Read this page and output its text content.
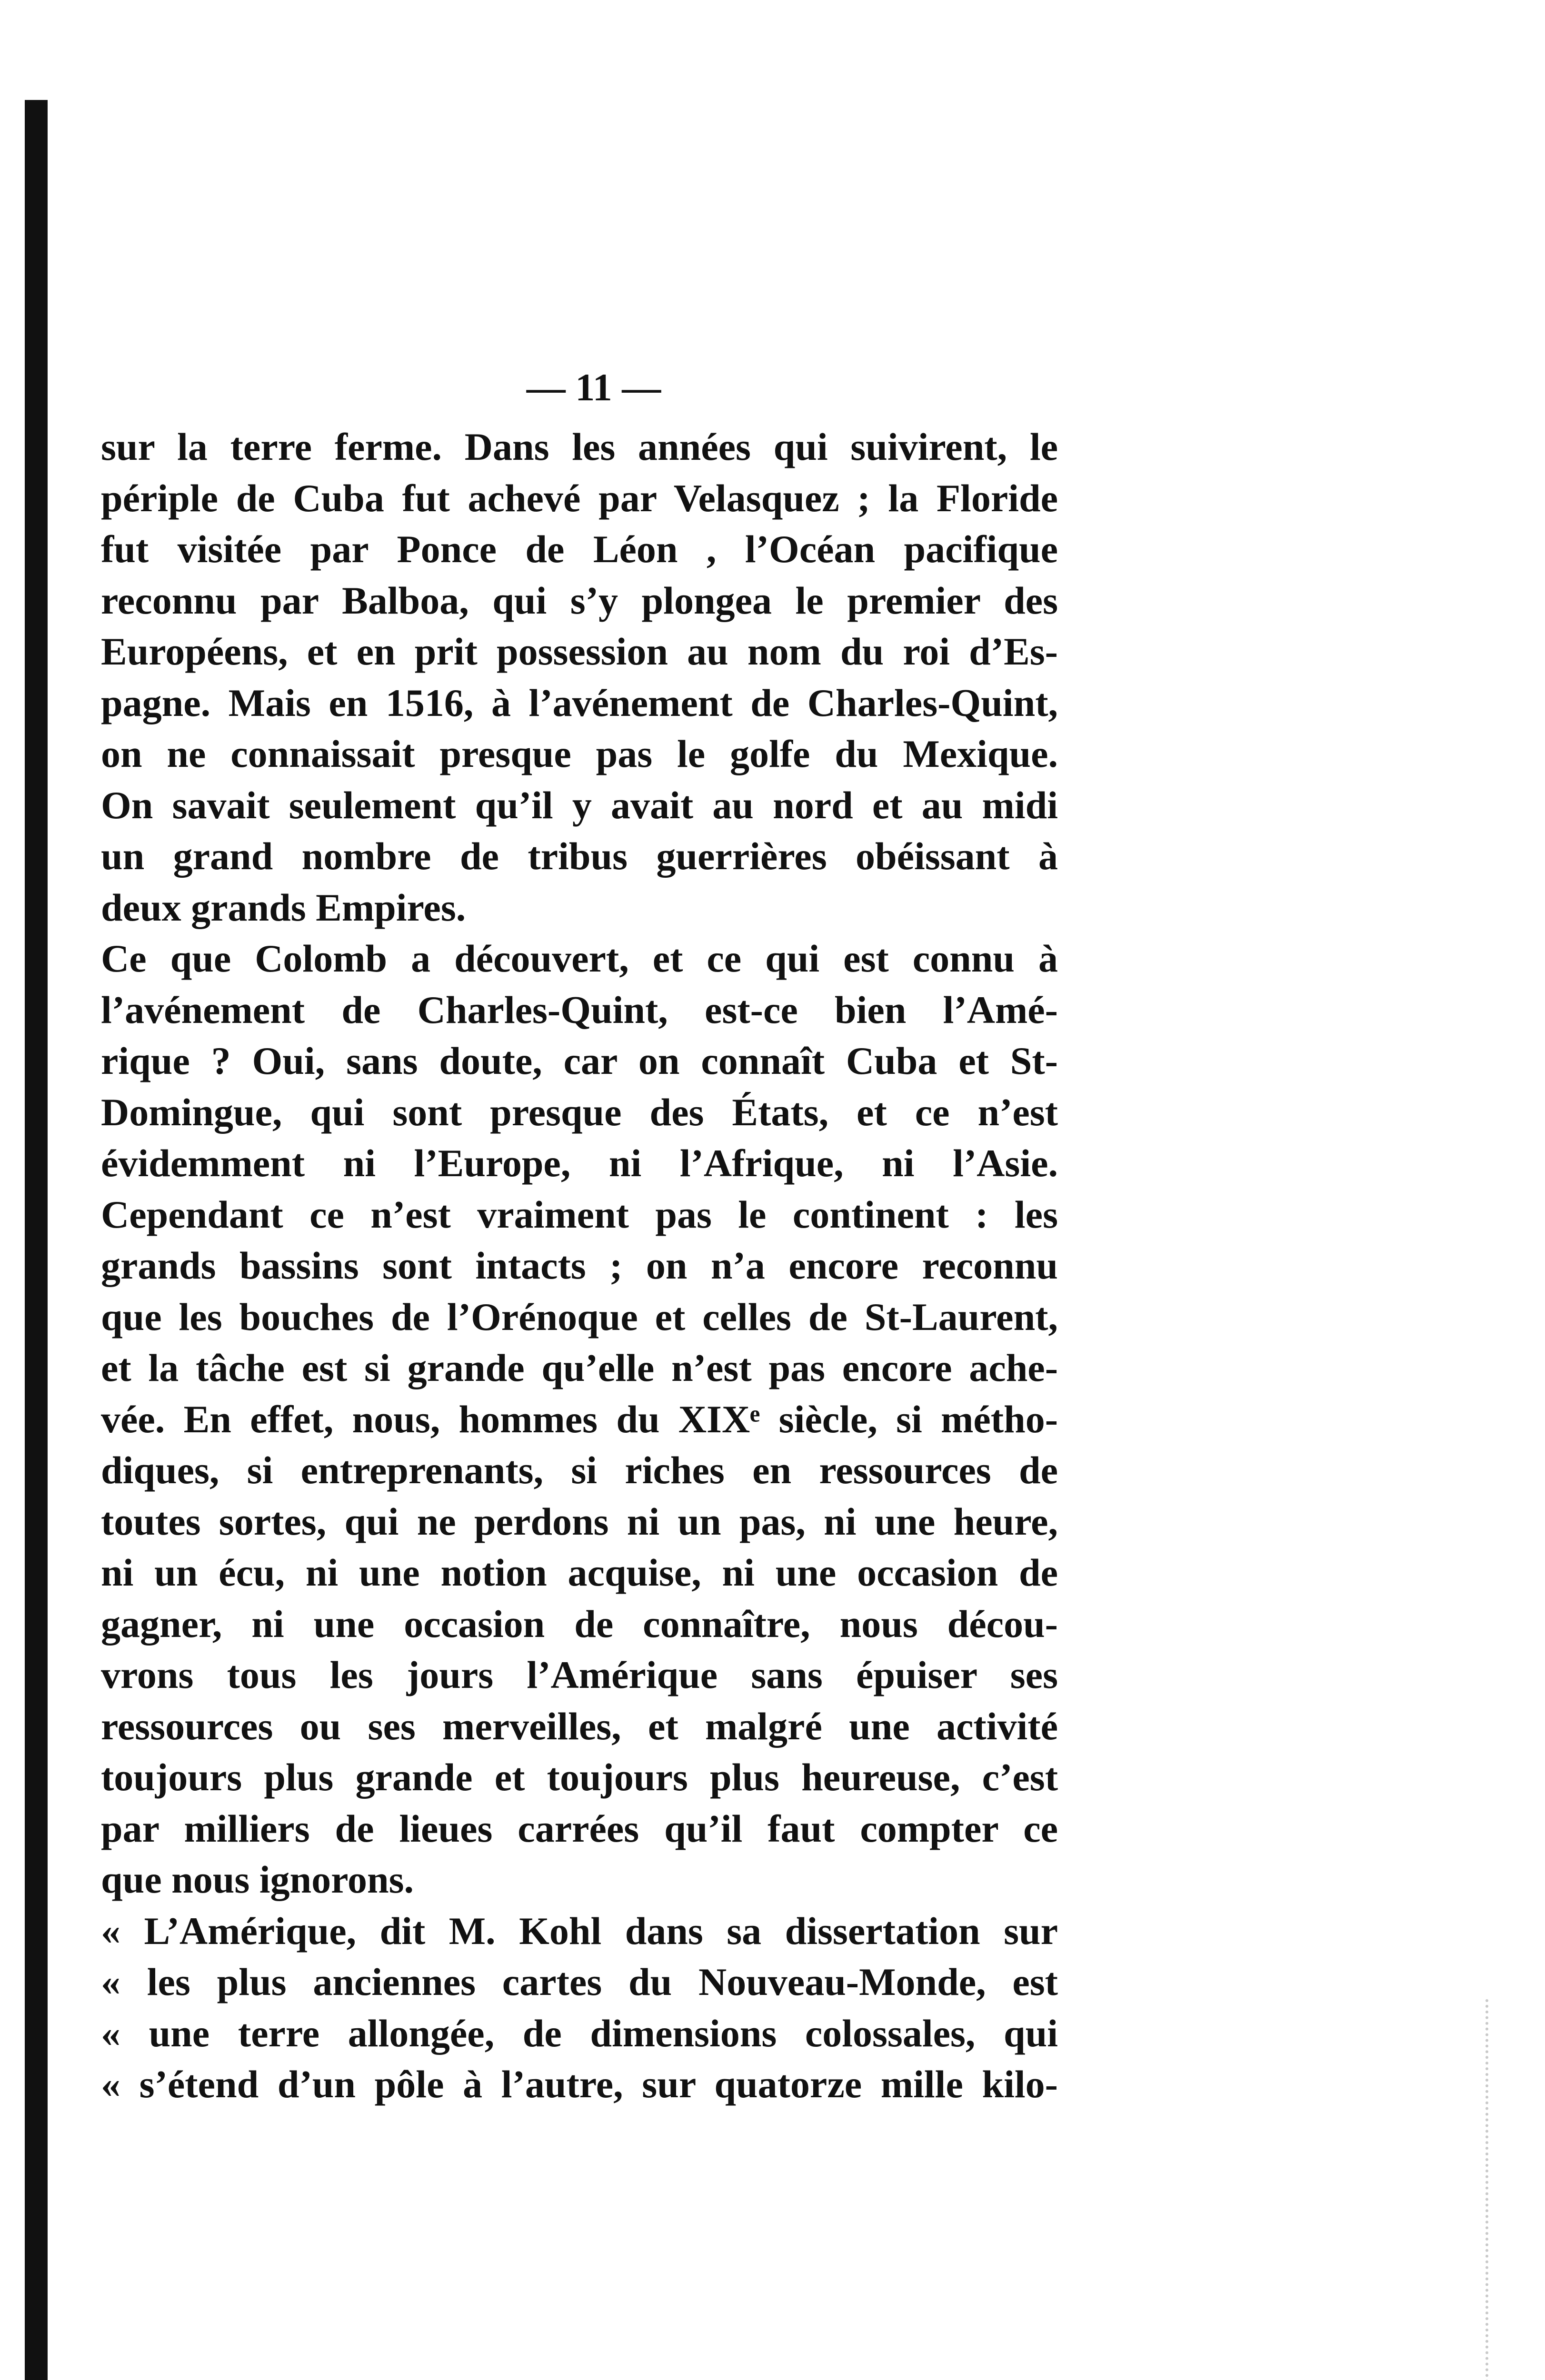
— 11 —
sur la terre ferme. Dans les années qui suivirent, le
périple de Cuba fut achevé par Velasquez ; la Floride
fut visitée par Ponce de Léon , l’Océan pacifique
reconnu par Balboa, qui s’y plongea le premier des
Européens, et en prit possession au nom du roi d’Es-
pagne. Mais en 1516, à l’avénement de Charles-Quint,
on ne connaissait presque pas le golfe du Mexique.
On savait seulement qu’il y avait au nord et au midi
un grand nombre de tribus guerrières obéissant à
deux grands Empires.
Ce que Colomb a découvert, et ce qui est connu à
l’avénement de Charles-Quint, est-ce bien l’Amé-
rique ? Oui, sans doute, car on connaît Cuba et St-
Domingue, qui sont presque des États, et ce n’est
évidemment ni l’Europe, ni l’Afrique, ni l’Asie.
Cependant ce n’est vraiment pas le continent : les
grands bassins sont intacts ; on n’a encore reconnu
que les bouches de l’Orénoque et celles de St-Laurent,
et la tâche est si grande qu’elle n’est pas encore ache-
vée. En effet, nous, hommes du XIXᵉ siècle, si métho-
diques, si entreprenants, si riches en ressources de
toutes sortes, qui ne perdons ni un pas, ni une heure,
ni un écu, ni une notion acquise, ni une occasion de
gagner, ni une occasion de connaître, nous décou-
vrons tous les jours l’Amérique sans épuiser ses
ressources ou ses merveilles, et malgré une activité
toujours plus grande et toujours plus heureuse, c’est
par milliers de lieues carrées qu’il faut compter ce
que nous ignorons.
« L’Amérique, dit M. Kohl dans sa dissertation sur
« les plus anciennes cartes du Nouveau-Monde, est
« une terre allongée, de dimensions colossales, qui
« s’étend d’un pôle à l’autre, sur quatorze mille kilo-
